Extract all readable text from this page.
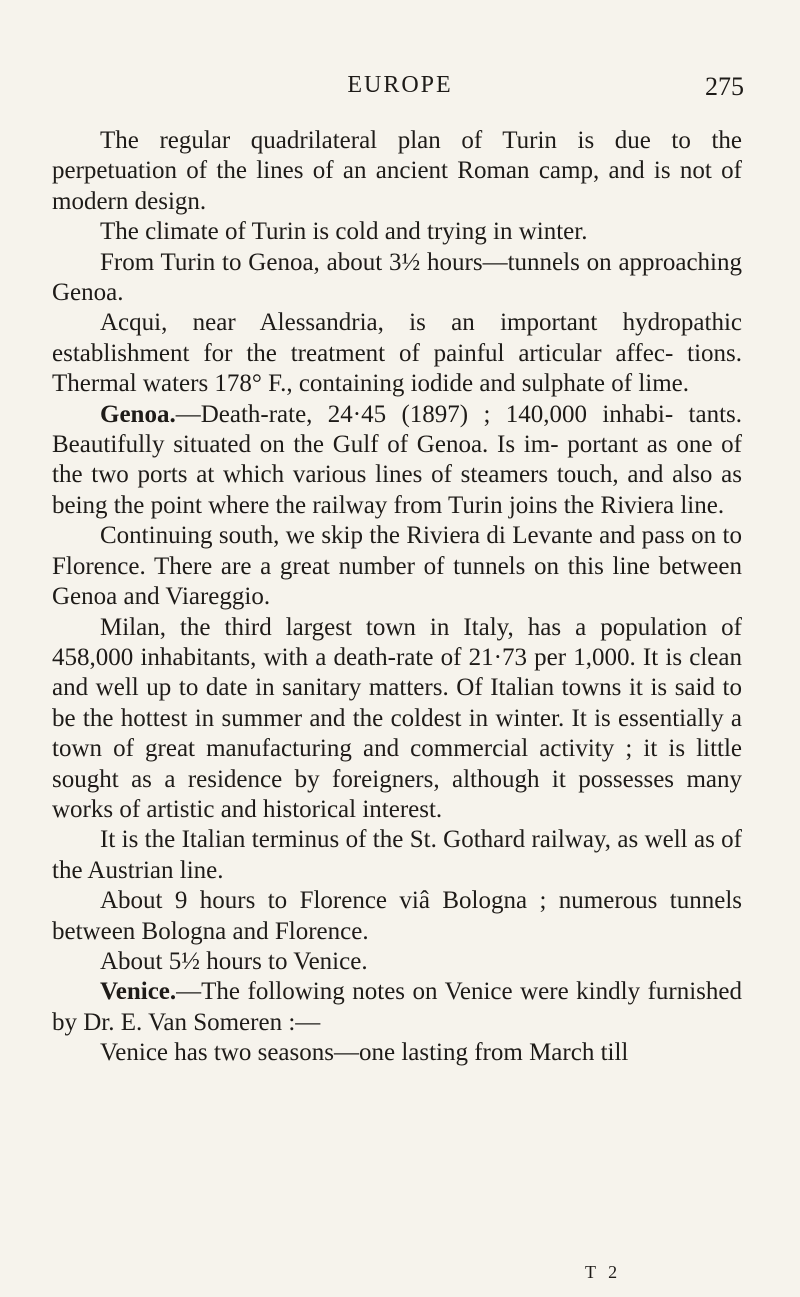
EUROPE	275

The regular quadrilateral plan of Turin is due to the perpetuation of the lines of an ancient Roman camp, and is not of modern design.

The climate of Turin is cold and trying in winter.

From Turin to Genoa, about 3½ hours—tunnels on approaching Genoa.

Acqui, near Alessandria, is an important hydropathic establishment for the treatment of painful articular affec- tions. Thermal waters 178° F., containing iodide and sulphate of lime.

Genoa.—Death-rate, 24·45 (1897) ; 140,000 inhabi- tants. Beautifully situated on the Gulf of Genoa. Is im- portant as one of the two ports at which various lines of steamers touch, and also as being the point where the railway from Turin joins the Riviera line.

Continuing south, we skip the Riviera di Levante and pass on to Florence. There are a great number of tunnels on this line between Genoa and Viareggio.

Milan, the third largest town in Italy, has a population of 458,000 inhabitants, with a death-rate of 21·73 per 1,000. It is clean and well up to date in sanitary matters. Of Italian towns it is said to be the hottest in summer and the coldest in winter. It is essentially a town of great manufacturing and commercial activity ; it is little sought as a residence by foreigners, although it possesses many works of artistic and historical interest.

It is the Italian terminus of the St. Gothard railway, as well as of the Austrian line.

About 9 hours to Florence viâ Bologna ; numerous tunnels between Bologna and Florence.

About 5½ hours to Venice.

Venice.—The following notes on Venice were kindly furnished by Dr. E. Van Someren :—

Venice has two seasons—one lasting from March till

T 2
